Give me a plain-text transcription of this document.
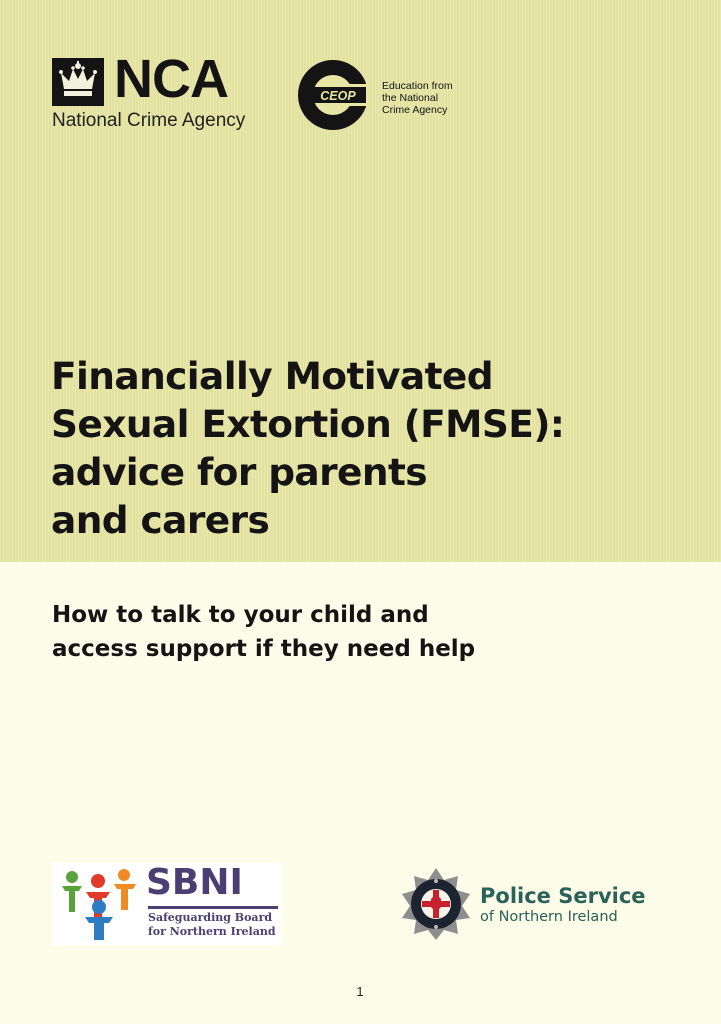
NCA
National Crime Agency
CEOP
Education from
the National
Crime Agency
Financially Motivated
Sexual Extortion (FMSE):
advice for parents
and carers
How to talk to your child and
access support if they need help
SBNI
Safeguarding Board
for Northern Ireland
Police Service
of Northern Ireland
1
